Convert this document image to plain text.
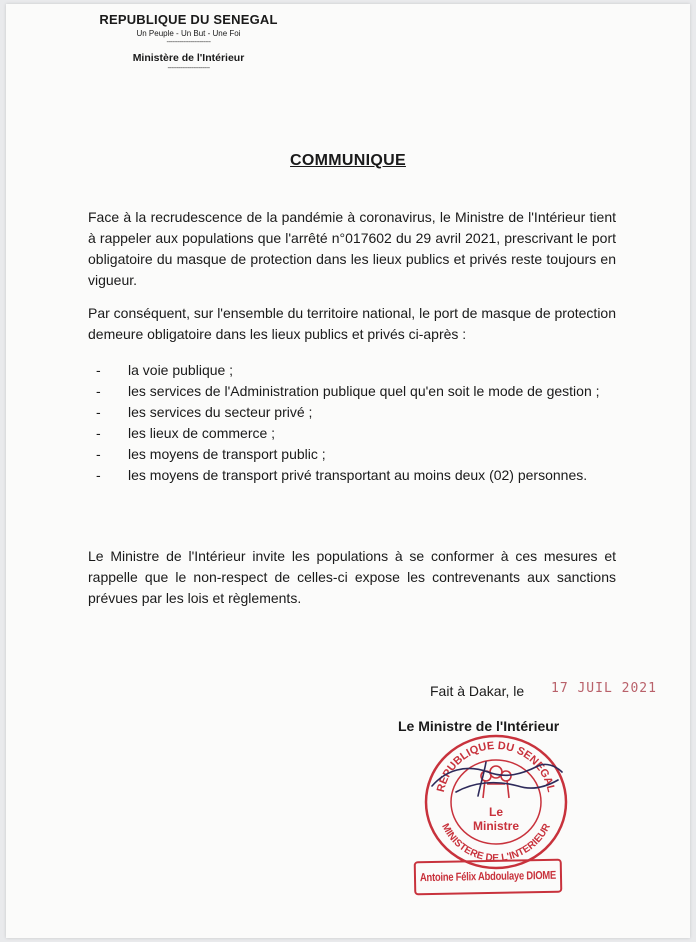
REPUBLIQUE DU SENEGAL
Un Peuple - Un But - Une Foi
------------------------
Ministère de l'Intérieur
-----------------------
COMMUNIQUE
Face à la recrudescence de la pandémie à coronavirus, le Ministre de l'Intérieur tient à rappeler aux populations que l'arrêté n°017602 du 29 avril 2021, prescrivant le port obligatoire du masque de protection dans les lieux publics et privés reste toujours en vigueur.
Par conséquent, sur l'ensemble du territoire national, le port de masque de protection demeure obligatoire dans les lieux publics et privés ci-après :
- la voie publique ;
- les services de l'Administration publique quel qu'en soit le mode de gestion ;
- les services du secteur privé ;
- les lieux de commerce ;
- les moyens de transport public ;
- les moyens de transport privé transportant au moins deux (02) personnes.
Le Ministre de l'Intérieur invite les populations à se conformer à ces mesures et rappelle que le non-respect de celles-ci expose les contrevenants aux sanctions prévues par les lois et règlements.
Fait à Dakar, le 17 JUIL 2021
Le Ministre de l'Intérieur
REPUBLIQUE DU SENEGAL
MINISTERE DE L'INTERIEUR
Le
Ministre
Antoine Félix Abdoulaye DIOME
